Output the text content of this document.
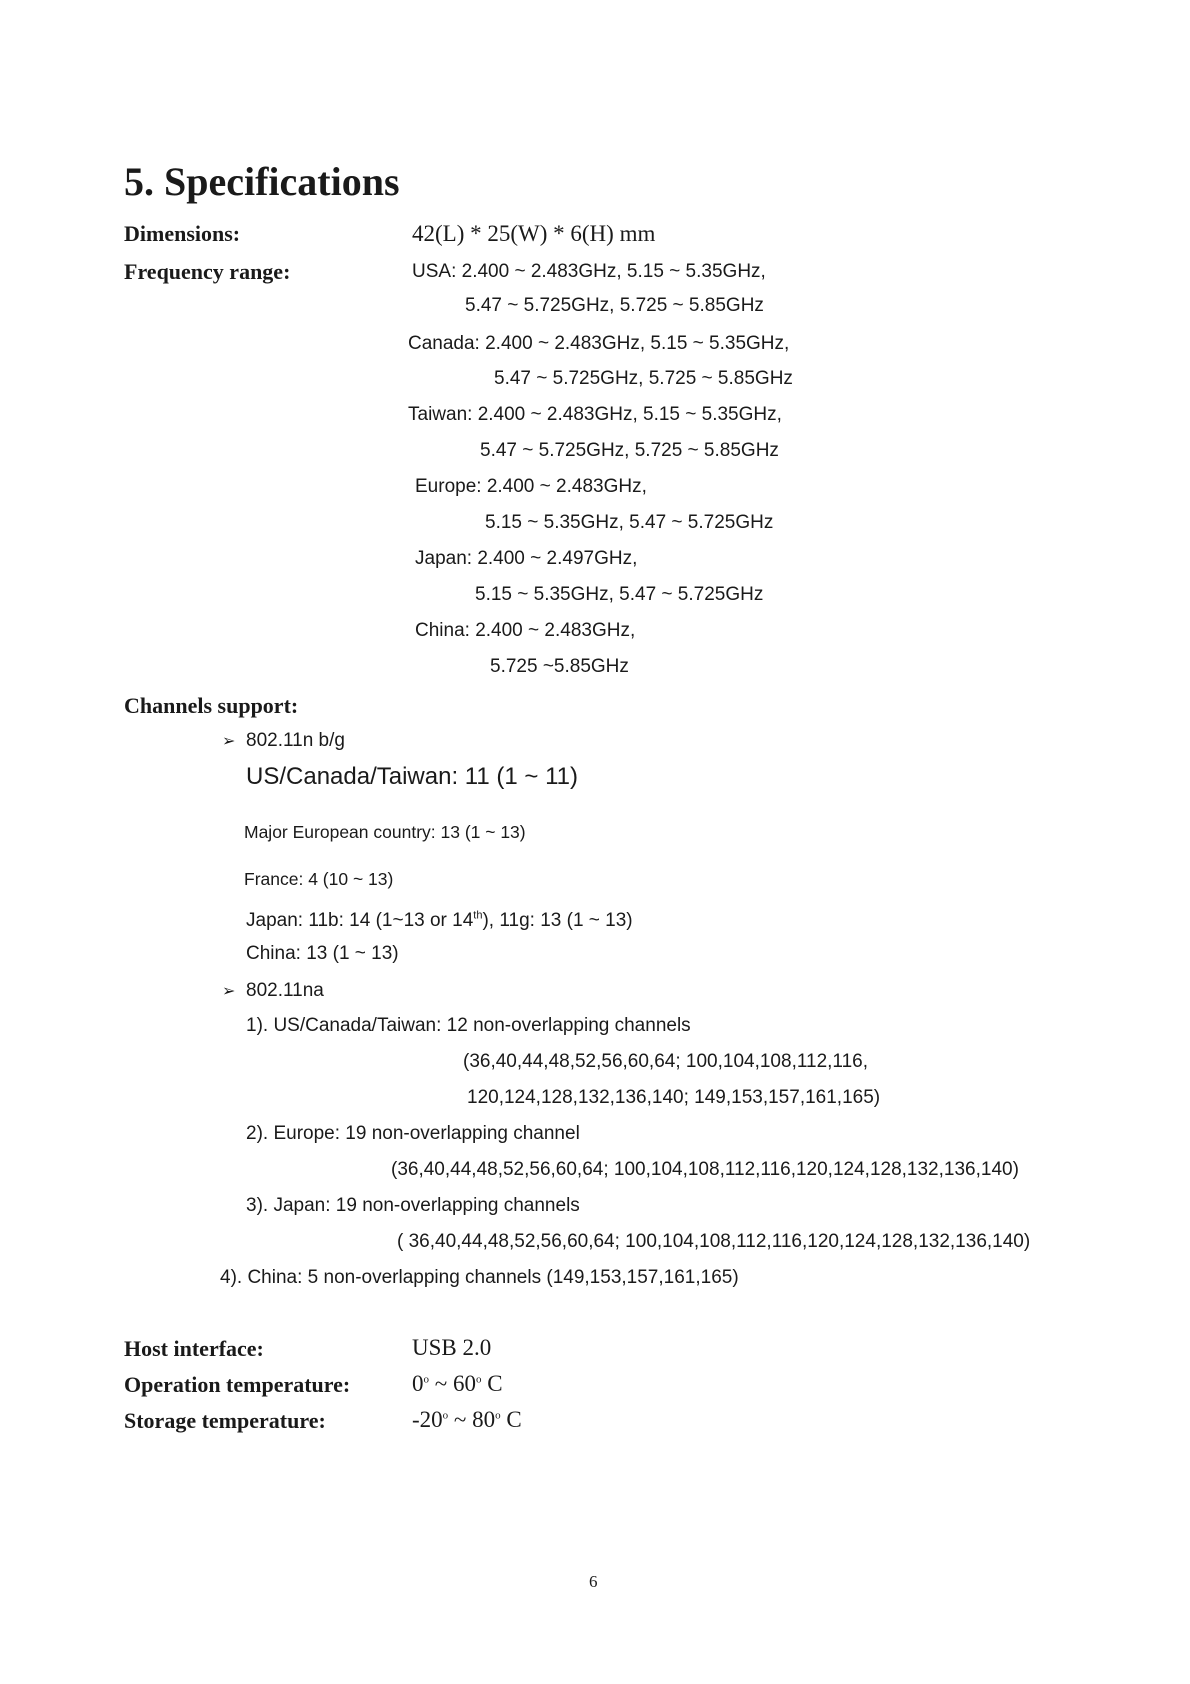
5. Specifications
Dimensions:	42(L) * 25(W) * 6(H) mm
Frequency range:	USA: 2.400 ~ 2.483GHz, 5.15 ~ 5.35GHz,
5.47 ~ 5.725GHz, 5.725 ~ 5.85GHz
Canada: 2.400 ~ 2.483GHz, 5.15 ~ 5.35GHz,
5.47 ~ 5.725GHz, 5.725 ~ 5.85GHz
Taiwan: 2.400 ~ 2.483GHz, 5.15 ~ 5.35GHz,
5.47 ~ 5.725GHz, 5.725 ~ 5.85GHz
Europe: 2.400 ~ 2.483GHz,
5.15 ~ 5.35GHz, 5.47 ~ 5.725GHz
Japan: 2.400 ~ 2.497GHz,
5.15 ~ 5.35GHz, 5.47 ~ 5.725GHz
China: 2.400 ~ 2.483GHz,
5.725 ~5.85GHz
Channels support:
➢ 802.11n b/g
US/Canada/Taiwan: 11 (1 ~ 11)
Major European country: 13 (1 ~ 13)
France: 4 (10 ~ 13)
Japan: 11b: 14 (1~13 or 14th), 11g: 13 (1 ~ 13)
China: 13 (1 ~ 13)
➢ 802.11na
1). US/Canada/Taiwan: 12 non-overlapping channels
(36,40,44,48,52,56,60,64; 100,104,108,112,116,
120,124,128,132,136,140; 149,153,157,161,165)
2). Europe: 19 non-overlapping channel
(36,40,44,48,52,56,60,64; 100,104,108,112,116,120,124,128,132,136,140)
3). Japan: 19 non-overlapping channels
( 36,40,44,48,52,56,60,64; 100,104,108,112,116,120,124,128,132,136,140)
4). China: 5 non-overlapping channels (149,153,157,161,165)
Host interface:	USB 2.0
Operation temperature:	0$^o$ ~ 60$^o$ C
Storage temperature:	-20$^o$ ~ 80$^o$ C
6
